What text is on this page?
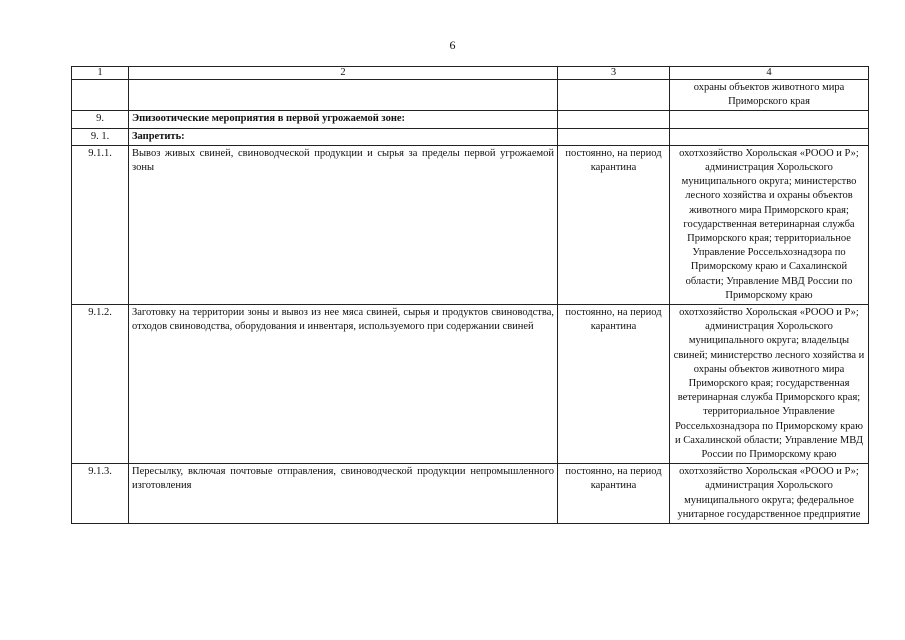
6
1	2	3	4
			охраны объектов животного мира Приморского края
9.	Эпизоотические мероприятия в первой угрожаемой зоне:		
9. 1.	Запретить:		
9.1.1.	Вывоз живых свиней, свиноводческой продукции и сырья за пределы первой угрожаемой зоны	постоянно, на период карантина	охотхозяйство Хорольская «РООО и Р»; администрация Хорольского муниципального округа; министерство лесного хозяйства и охраны объектов животного мира Приморского края; государственная ветеринарная служба Приморского края; территориальное Управление Россельхознадзора по Приморскому краю и Сахалинской области; Управление МВД России по Приморскому краю
9.1.2.	Заготовку на территории зоны и вывоз из нее мяса свиней, сырья и продуктов свиноводства, отходов свиноводства, оборудования и инвентаря, используемого при содержании свиней	постоянно, на период карантина	охотхозяйство Хорольская «РООО и Р»; администрация Хорольского муниципального округа; владельцы свиней; министерство лесного хозяйства и охраны объектов животного мира Приморского края; государственная ветеринарная служба Приморского края; территориальное Управление Россельхознадзора по Приморскому краю и Сахалинской области; Управление МВД России по Приморскому краю
9.1.3.	Пересылку, включая почтовые отправления, свиноводческой продукции непромышленного изготовления	постоянно, на период карантина	охотхозяйство Хорольская «РООО и Р»; администрация Хорольского муниципального округа; федеральное унитарное государственное предприятие
